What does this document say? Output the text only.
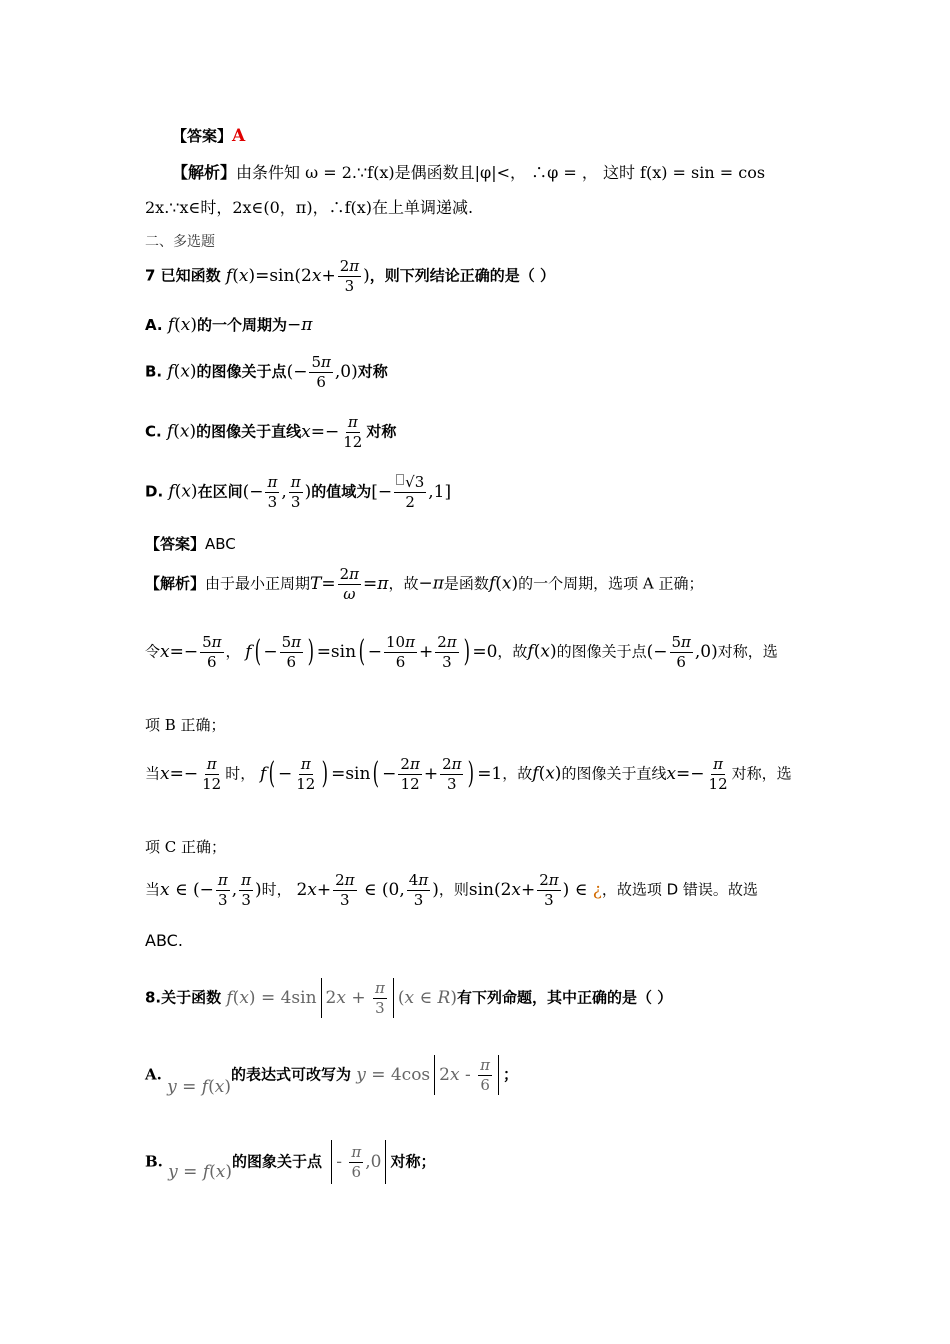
【答案】A
【解析】由条件知 ω = 2.∵f(x)是偶函数且|φ|<， ∴φ = ， 这时 f(x) = sin = cos
2x.∵x∈时，2x∈(0，π)，∴f(x)在上单调递减.
二、多选题
7 已知函数 $f(x)=\sin(2x+ \frac{2\pi}{3}$ )，则下列结论正确的是（ ）
A. f(x)的一个周期为−π
B. f(x)的图像关于点(− $\frac{5\pi}{6} ,0$)对称
C. f(x)的图像关于直线$x=- \frac{\pi}{12}$ 对称
D. f(x)在区间(− $\frac{\pi}{3}$ , $\frac{\pi}{3}$ )的值域为[− $\frac{√3}{2} ,1$]
【答案】ABC
【解析】由于最小正周期$T= \frac{2\pi}{\omega} =\pi$，故−π是函数f(x)的一个周期，选项 A 正确；
令$x=- \frac{5\pi}{6}$ ， $f( - \frac{5\pi}{6}$ ) $=\sin( - \frac{10\pi}{6} + \frac{2\pi}{3}$ ) =0，故f(x)的图像关于点(− $\frac{5\pi}{6} ,0$)对称，选
项 B 正确；
当$x=- \frac{\pi}{12}$ 时， $f( - \frac{\pi}{12}$ ) $=\sin( - \frac{2\pi}{12} + \frac{2\pi}{3}$ ) =1，故f(x)的图像关于直线$x=- \frac{\pi}{12}$ 对称，选
项 C 正确；
当x ∈ (− $\frac{\pi}{3}$ , $\frac{\pi}{3}$ )时， $2x+ \frac{2\pi}{3}$ ∈ (0, $\frac{4\pi}{3}$ )，则$\sin(2x+ \frac{2\pi}{3}$ ) ∈ ¿，故选项 D 错误。故选
ABC.
8.关于函数 f(x) = 4sin $2x + \frac{\pi}{3} (x$ ∈ R)有下列命题，其中正确的是（ ）
A. y = f(x)的表达式可改写为 y = 4cos $2x - \frac{\pi}{6}$ ；
B. y = f(x)的图象关于点 - $\frac{\pi}{6} ,0$ 对称；
